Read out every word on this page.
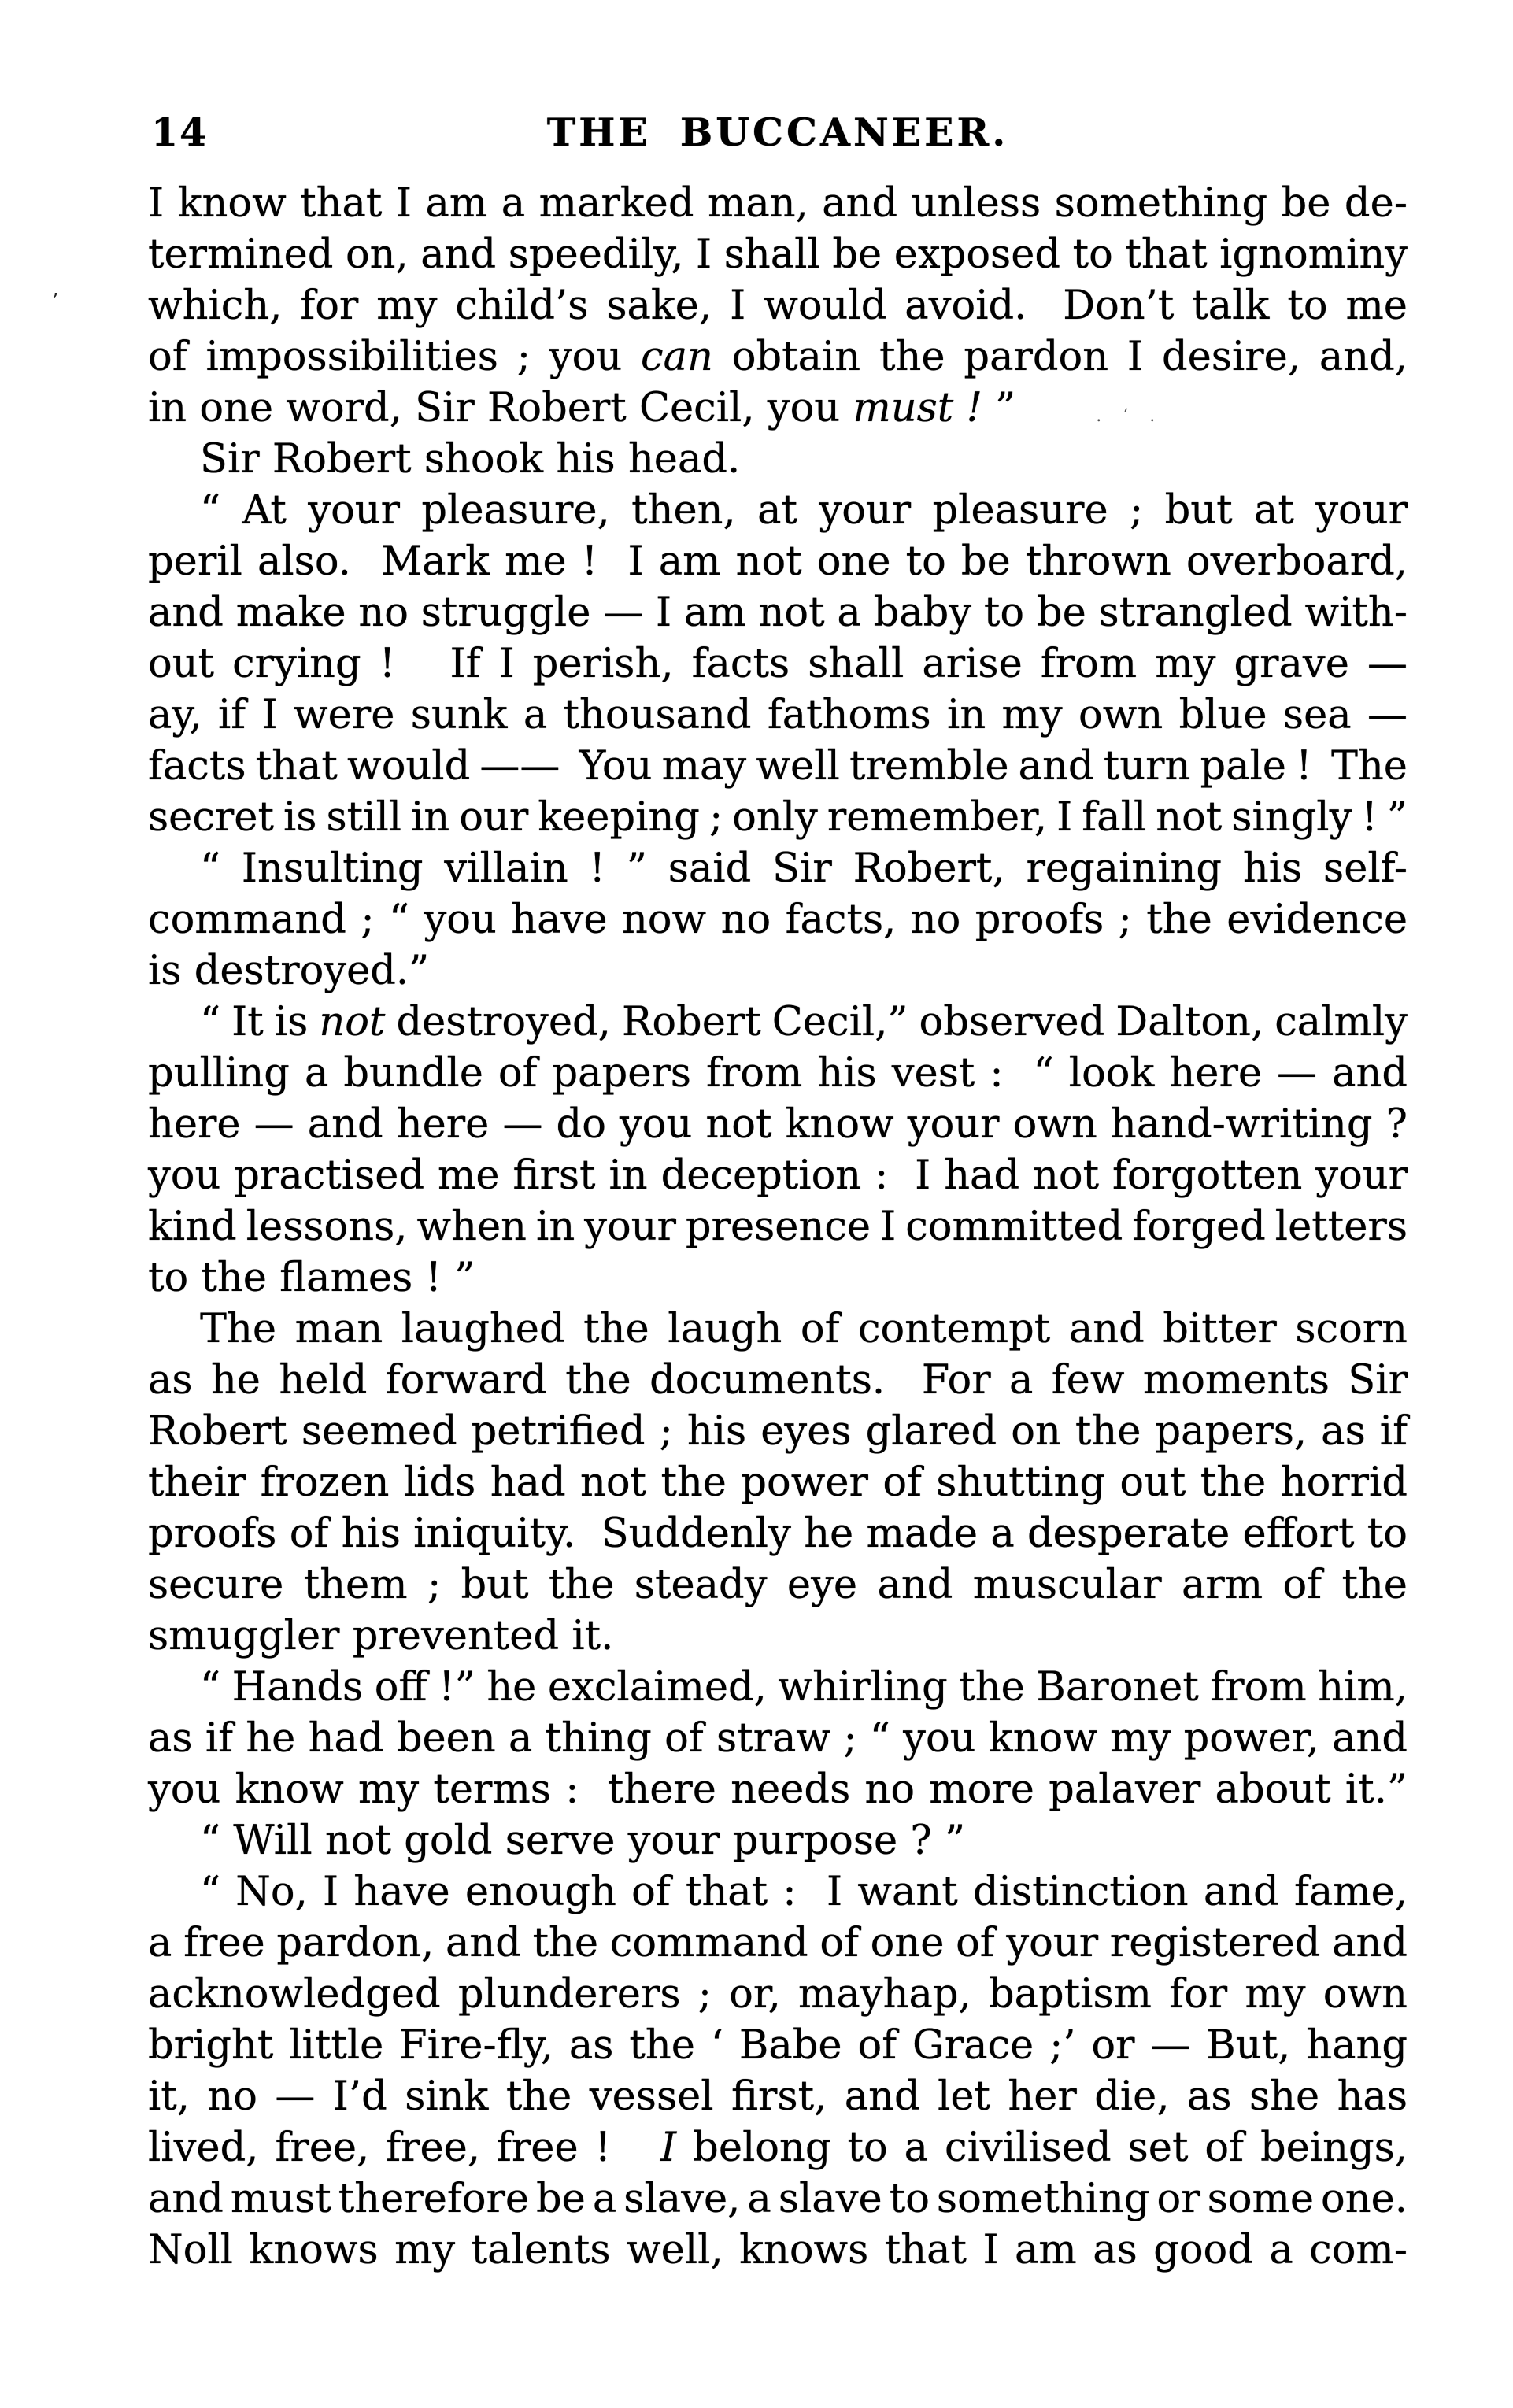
14	THE BUCCANEER.
’
I know that I am a marked man, and unless something be de-
termined on, and speedily, I shall be exposed to that ignominy
which, for my child’s sake, I would avoid.  Don’t talk to me
of impossibilities ; you can obtain the pardon I desire, and,
in one word, Sir Robert Cecil, you must ! ”      . ‘ .
Sir Robert shook his head.
“ At your pleasure, then, at your pleasure ; but at your
peril also.  Mark me !  I am not one to be thrown overboard,
and make no struggle — I am not a baby to be strangled with-
out crying !   If I perish, facts shall arise from my grave —
ay, if I were sunk a thousand fathoms in my own blue sea —
facts that would ——  You may well tremble and turn pale !  The
secret is still in our keeping ; only remember, I fall not singly ! ”
“ Insulting villain ! ” said Sir Robert, regaining his self-
command ; “ you have now no facts, no proofs ; the evidence
is destroyed.”
“ It is not destroyed, Robert Cecil,” observed Dalton, calmly
pulling a bundle of papers from his vest :  “ look here — and
here — and here — do you not know your own hand-writing ?
you practised me first in deception :  I had not forgotten your
kind lessons, when in your presence I committed forged letters
to the flames ! ”
The man laughed the laugh of contempt and bitter scorn
as he held forward the documents.  For a few moments Sir
Robert seemed petrified ; his eyes glared on the papers, as if
their frozen lids had not the power of shutting out the horrid
proofs of his iniquity.  Suddenly he made a desperate effort to
secure them ; but the steady eye and muscular arm of the
smuggler prevented it.
“ Hands off !” he exclaimed, whirling the Baronet from him,
as if he had been a thing of straw ; “ you know my power, and
you know my terms :  there needs no more palaver about it.”
“ Will not gold serve your purpose ? ”
“ No, I have enough of that :  I want distinction and fame,
a free pardon, and the command of one of your registered and
acknowledged plunderers ; or, mayhap, baptism for my own
bright little Fire-fly, as the ‘ Babe of Grace ;’ or — But, hang
it, no — I’d sink the vessel first, and let her die, as she has
lived, free, free, free !   I belong to a civilised set of beings,
and must therefore be a slave, a slave to something or some one.
Noll knows my talents well, knows that I am as good a com-
